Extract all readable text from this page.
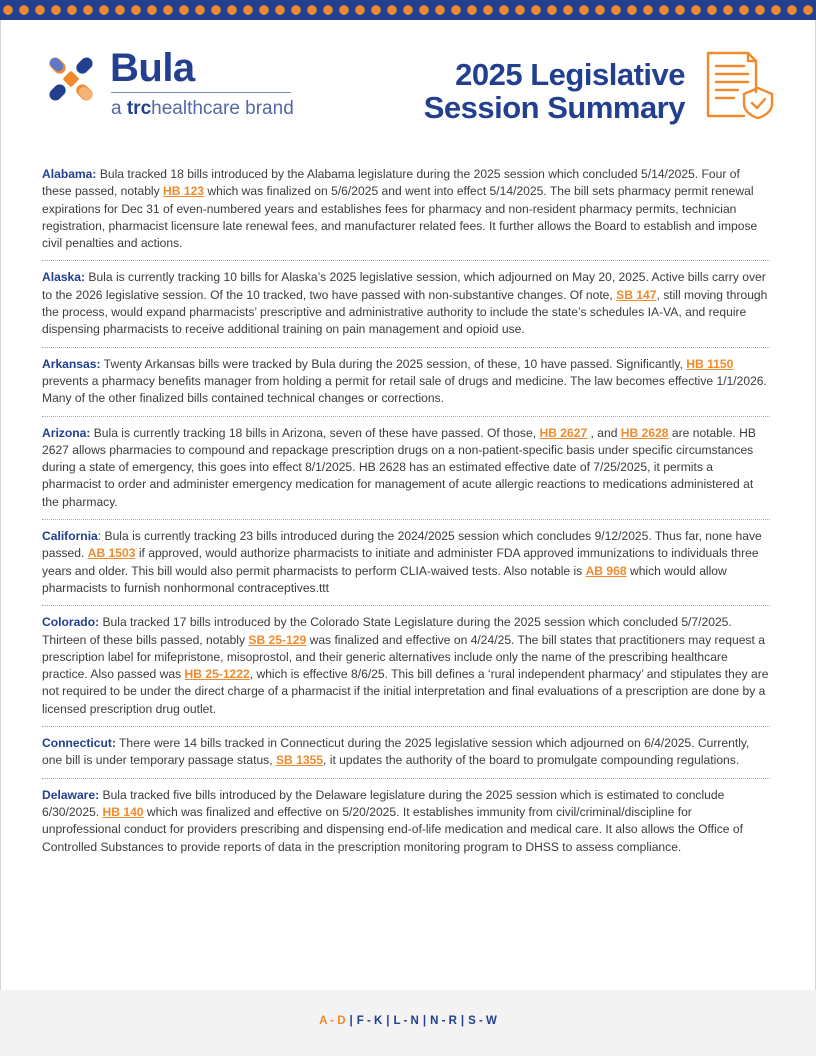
Bula
a trchealthcare brand
2025 Legislative
Session Summary

Alabama: Bula tracked 18 bills introduced by the Alabama legislature during the 2025 session which concluded 5/14/2025. Four of these passed, notably HB 123 which was finalized on 5/6/2025 and went into effect 5/14/2025. The bill sets pharmacy permit renewal expirations for Dec 31 of even-numbered years and establishes fees for pharmacy and non-resident pharmacy permits, technician registration, pharmacist licensure late renewal fees, and manufacturer related fees. It further allows the Board to establish and impose civil penalties and actions.

Alaska: Bula is currently tracking 10 bills for Alaska’s 2025 legislative session, which adjourned on May 20, 2025. Active bills carry over to the 2026 legislative session. Of the 10 tracked, two have passed with non-substantive changes. Of note, SB 147, still moving through the process, would expand pharmacists’ prescriptive and administrative authority to include the state’s schedules IA-VA, and require dispensing pharmacists to receive additional training on pain management and opioid use.

Arkansas: Twenty Arkansas bills were tracked by Bula during the 2025 session, of these, 10 have passed. Significantly, HB 1150 prevents a pharmacy benefits manager from holding a permit for retail sale of drugs and medicine. The law becomes effective 1/1/2026. Many of the other finalized bills contained technical changes or corrections.

Arizona: Bula is currently tracking 18 bills in Arizona, seven of these have passed. Of those, HB 2627 , and HB 2628 are notable. HB 2627 allows pharmacies to compound and repackage prescription drugs on a non-patient-specific basis under specific circumstances during a state of emergency, this goes into effect 8/1/2025. HB 2628 has an estimated effective date of 7/25/2025, it permits a pharmacist to order and administer emergency medication for management of acute allergic reactions to medications administered at the pharmacy.

California: Bula is currently tracking 23 bills introduced during the 2024/2025 session which concludes 9/12/2025. Thus far, none have passed. AB 1503 if approved, would authorize pharmacists to initiate and administer FDA approved immunizations to individuals three years and older. This bill would also permit pharmacists to perform CLIA-waived tests. Also notable is AB 968 which would allow pharmacists to furnish nonhormonal contraceptives.ttt

Colorado: Bula tracked 17 bills introduced by the Colorado State Legislature during the 2025 session which concluded 5/7/2025. Thirteen of these bills passed, notably SB 25-129 was finalized and effective on 4/24/25. The bill states that practitioners may request a prescription label for mifepristone, misoprostol, and their generic alternatives include only the name of the prescribing healthcare practice. Also passed was HB 25-1222, which is effective 8/6/25. This bill defines a ‘rural independent pharmacy’ and stipulates they are not required to be under the direct charge of a pharmacist if the initial interpretation and final evaluations of a prescription are done by a licensed prescription drug outlet.

Connecticut: There were 14 bills tracked in Connecticut during the 2025 legislative session which adjourned on 6/4/2025. Currently, one bill is under temporary passage status, SB 1355, it updates the authority of the board to promulgate compounding regulations.

Delaware: Bula tracked five bills introduced by the Delaware legislature during the 2025 session which is estimated to conclude 6/30/2025. HB 140 which was finalized and effective on 5/20/2025. It establishes immunity from civil/criminal/discipline for unprofessional conduct for providers prescribing and dispensing end-of-life medication and medical care. It also allows the Office of Controlled Substances to provide reports of data in the prescription monitoring program to DHSS to assess compliance.

A - D | F - K | L - N | N - R | S - W
